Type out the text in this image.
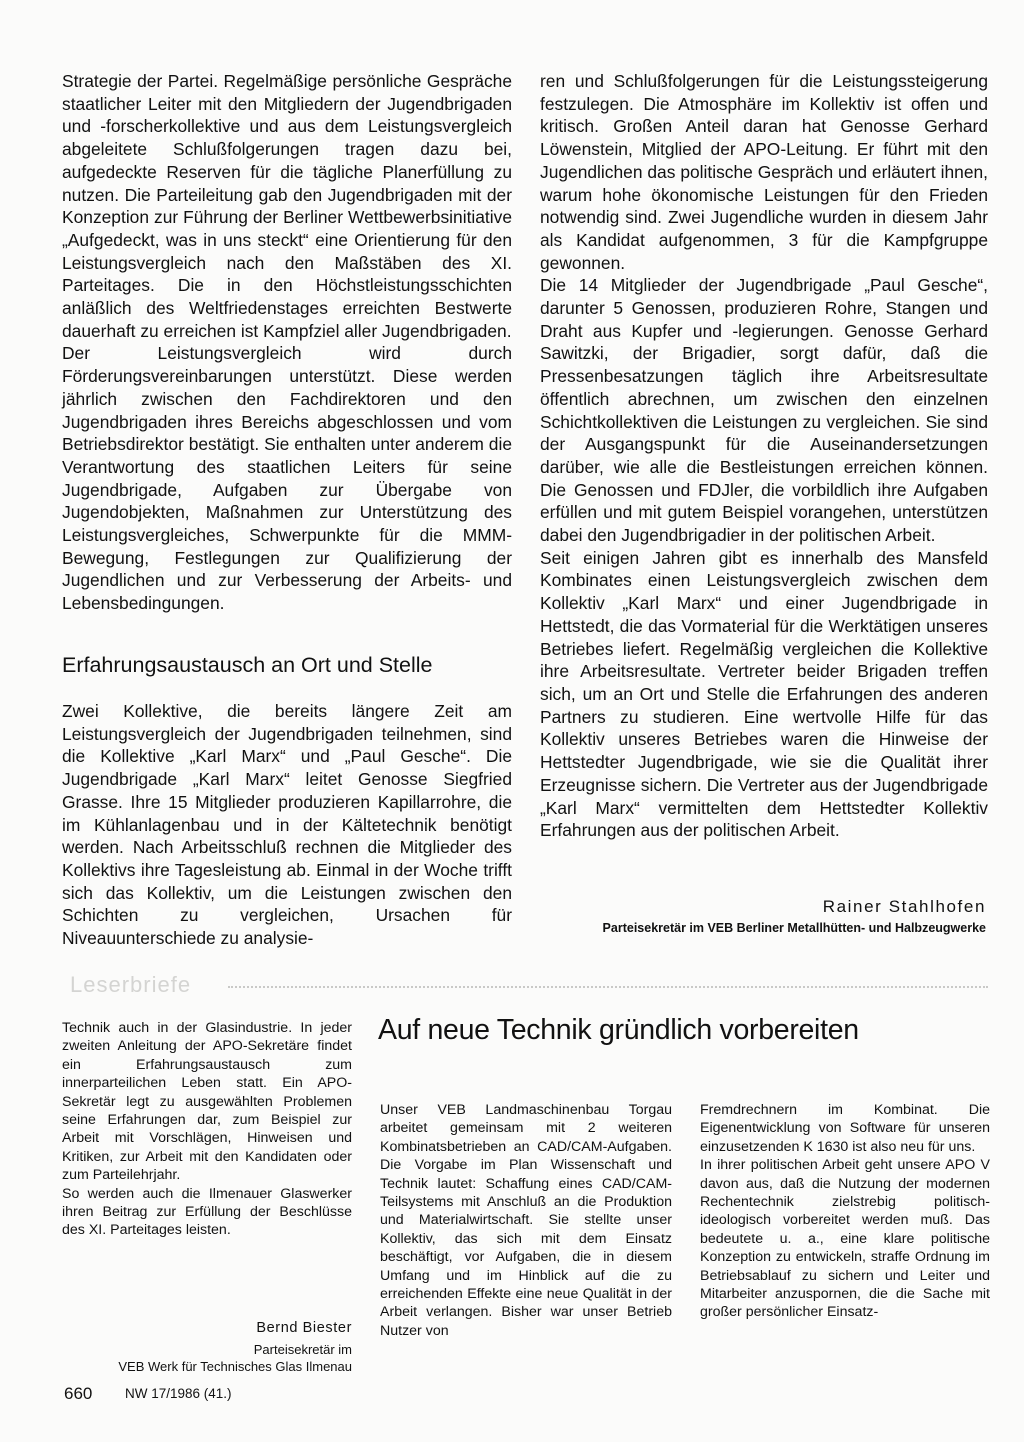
Strategie der Partei. Regelmäßige persönliche Gespräche staatlicher Leiter mit den Mitgliedern der Jugendbrigaden und -forscherkollektive und aus dem Leistungsvergleich abgeleitete Schlußfolgerungen tragen dazu bei, aufgedeckte Reserven für die tägliche Planerfüllung zu nutzen. Die Parteileitung gab den Jugendbrigaden mit der Konzeption zur Führung der Berliner Wettbewerbsinitiative „Aufgedeckt, was in uns steckt“ eine Orientierung für den Leistungsvergleich nach den Maßstäben des XI. Parteitages. Die in den Höchstleistungsschichten anläßlich des Weltfriedenstages erreichten Bestwerte dauerhaft zu erreichen ist Kampfziel aller Jugendbrigaden.

Der Leistungsvergleich wird durch Förderungsvereinbarungen unterstützt. Diese werden jährlich zwischen den Fachdirektoren und den Jugendbrigaden ihres Bereichs abgeschlossen und vom Betriebsdirektor bestätigt. Sie enthalten unter anderem die Verantwortung des staatlichen Leiters für seine Jugendbrigade, Aufgaben zur Übergabe von Jugendobjekten, Maßnahmen zur Unterstützung des Leistungsvergleiches, Schwerpunkte für die MMM-Bewegung, Festlegungen zur Qualifizierung der Jugendlichen und zur Verbesserung der Arbeits- und Lebensbedingungen.

Erfahrungsaustausch an Ort und Stelle

Zwei Kollektive, die bereits längere Zeit am Leistungsvergleich der Jugendbrigaden teilnehmen, sind die Kollektive „Karl Marx“ und „Paul Gesche“. Die Jugendbrigade „Karl Marx“ leitet Genosse Siegfried Grasse. Ihre 15 Mitglieder produzieren Kapillarrohre, die im Kühlanlagenbau und in der Kältetechnik benötigt werden. Nach Arbeitsschluß rechnen die Mitglieder des Kollektivs ihre Tagesleistung ab. Einmal in der Woche trifft sich das Kollektiv, um die Leistungen zwischen den Schichten zu vergleichen, Ursachen für Niveauunterschiede zu analysie-

ren und Schlußfolgerungen für die Leistungssteigerung festzulegen. Die Atmosphäre im Kollektiv ist offen und kritisch. Großen Anteil daran hat Genosse Gerhard Löwenstein, Mitglied der APO-Leitung. Er führt mit den Jugendlichen das politische Gespräch und erläutert ihnen, warum hohe ökonomische Leistungen für den Frieden notwendig sind. Zwei Jugendliche wurden in diesem Jahr als Kandidat aufgenommen, 3 für die Kampfgruppe gewonnen.

Die 14 Mitglieder der Jugendbrigade „Paul Gesche“, darunter 5 Genossen, produzieren Rohre, Stangen und Draht aus Kupfer und -legierungen. Genosse Gerhard Sawitzki, der Brigadier, sorgt dafür, daß die Pressenbesatzungen täglich ihre Arbeitsresultate öffentlich abrechnen, um zwischen den einzelnen Schichtkollektiven die Leistungen zu vergleichen. Sie sind der Ausgangspunkt für die Auseinandersetzungen darüber, wie alle die Bestleistungen erreichen können. Die Genossen und FDJler, die vorbildlich ihre Aufgaben erfüllen und mit gutem Beispiel vorangehen, unterstützen dabei den Jugendbrigadier in der politischen Arbeit.

Seit einigen Jahren gibt es innerhalb des Mansfeld Kombinates einen Leistungsvergleich zwischen dem Kollektiv „Karl Marx“ und einer Jugendbrigade in Hettstedt, die das Vormaterial für die Werktätigen unseres Betriebes liefert. Regelmäßig vergleichen die Kollektive ihre Arbeitsresultate. Vertreter beider Brigaden treffen sich, um an Ort und Stelle die Erfahrungen des anderen Partners zu studieren. Eine wertvolle Hilfe für das Kollektiv unseres Betriebes waren die Hinweise der Hettstedter Jugendbrigade, wie sie die Qualität ihrer Erzeugnisse sichern. Die Vertreter aus der Jugendbrigade „Karl Marx“ vermittelten dem Hettstedter Kollektiv Erfahrungen aus der politischen Arbeit.

Rainer Stahlhofen
Parteisekretär im VEB Berliner Metallhütten- und Halbzeugwerke
Leserbriefe

Technik auch in der Glasindustrie. In jeder zweiten Anleitung der APO-Sekretäre findet ein Erfahrungsaustausch zum innerparteilichen Leben statt. Ein APO-Sekretär legt zu ausgewählten Problemen seine Erfahrungen dar, zum Beispiel zur Arbeit mit Vorschlägen, Hinweisen und Kritiken, zur Arbeit mit den Kandidaten oder zum Parteilehrjahr.

So werden auch die Ilmenauer Glaswerker ihren Beitrag zur Erfüllung der Beschlüsse des XI. Parteitages leisten.

Bernd Biester
Parteisekretär im
VEB Werk für Technisches Glas Ilmenau
Auf neue Technik gründlich vorbereiten

Unser VEB Landmaschinenbau Torgau arbeitet gemeinsam mit 2 weiteren Kombinatsbetrieben an CAD/CAM-Aufgaben. Die Vorgabe im Plan Wissenschaft und Technik lautet: Schaffung eines CAD/CAM-Teilsystems mit Anschluß an die Produktion und Materialwirtschaft. Sie stellte unser Kollektiv, das sich mit dem Einsatz beschäftigt, vor Aufgaben, die in diesem Umfang und im Hinblick auf die zu erreichenden Effekte eine neue Qualität in der Arbeit verlangen. Bisher war unser Betrieb Nutzer von

Fremdrechnern im Kombinat. Die Eigenentwicklung von Software für unseren einzusetzenden K 1630 ist also neu für uns.

In ihrer politischen Arbeit geht unsere APO V davon aus, daß die Nutzung der modernen Rechentechnik zielstrebig politisch-ideologisch vorbereitet werden muß. Das bedeutete u. a., eine klare politische Konzeption zu entwickeln, straffe Ordnung im Betriebsablauf zu sichern und Leiter und Mitarbeiter anzuspornen, die die Sache mit großer persönlicher Einsatz-

660 NW 17/1986 (41.)
